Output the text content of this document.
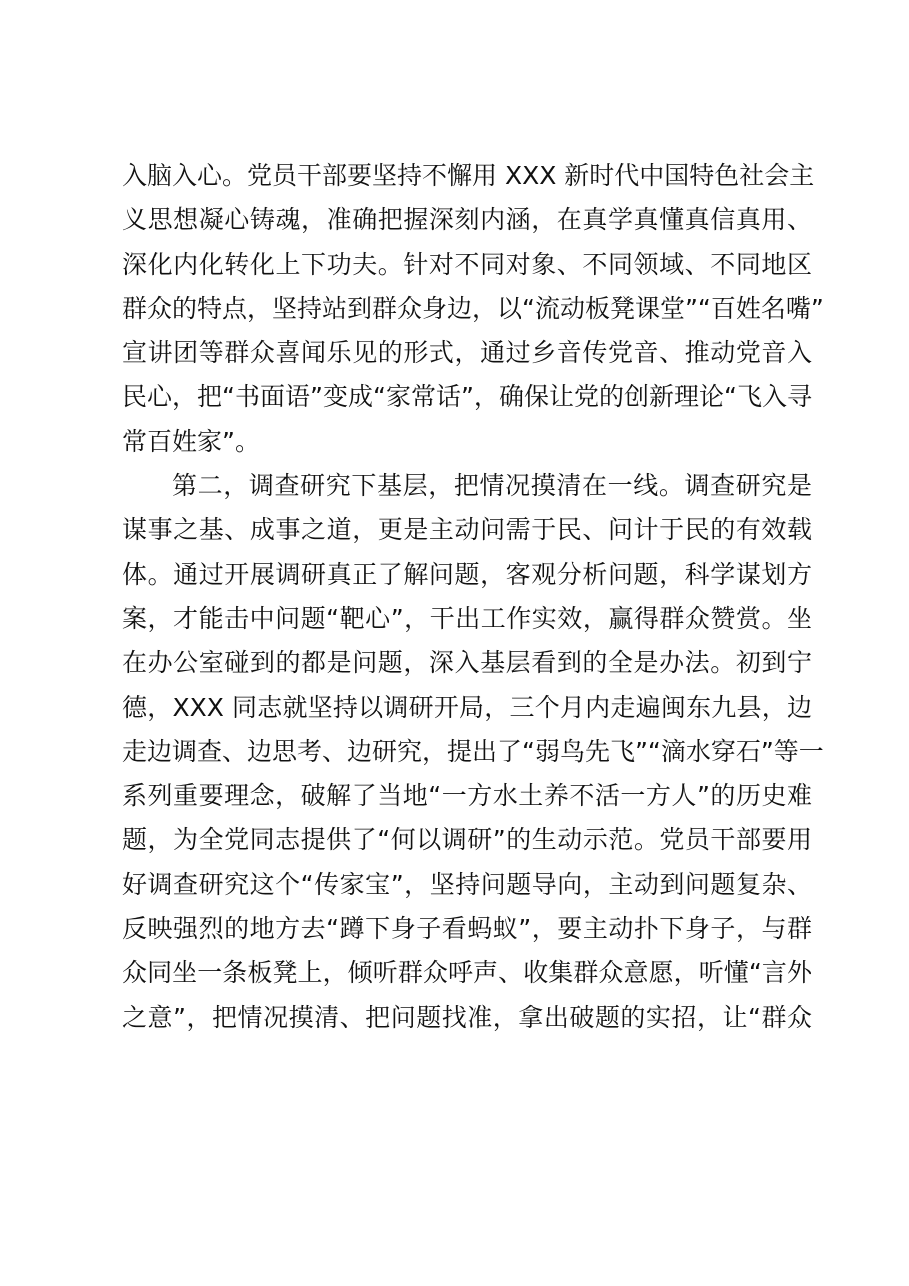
入脑入心。党员干部要坚持不懈用 XXX 新时代中国特色社会主
义思想凝心铸魂，准确把握深刻内涵，在真学真懂真信真用、
深化内化转化上下功夫。针对不同对象、不同领域、不同地区
群众的特点，坚持站到群众身边，以“流动板凳课堂”“百姓名嘴”
宣讲团等群众喜闻乐见的形式，通过乡音传党音、推动党音入
民心，把“书面语”变成“家常话”，确保让党的创新理论“飞入寻
常百姓家”。
第二，调查研究下基层，把情况摸清在一线。调查研究是
谋事之基、成事之道，更是主动问需于民、问计于民的有效载
体。通过开展调研真正了解问题，客观分析问题，科学谋划方
案，才能击中问题“靶心”，干出工作实效，赢得群众赞赏。坐
在办公室碰到的都是问题，深入基层看到的全是办法。初到宁
德，XXX 同志就坚持以调研开局，三个月内走遍闽东九县，边
走边调查、边思考、边研究，提出了“弱鸟先飞”“滴水穿石”等一
系列重要理念，破解了当地“一方水土养不活一方人”的历史难
题，为全党同志提供了“何以调研”的生动示范。党员干部要用
好调查研究这个“传家宝”，坚持问题导向，主动到问题复杂、
反映强烈的地方去“蹲下身子看蚂蚁”，要主动扑下身子，与群
众同坐一条板凳上，倾听群众呼声、收集群众意愿，听懂“言外
之意”，把情况摸清、把问题找准，拿出破题的实招，让“群众
